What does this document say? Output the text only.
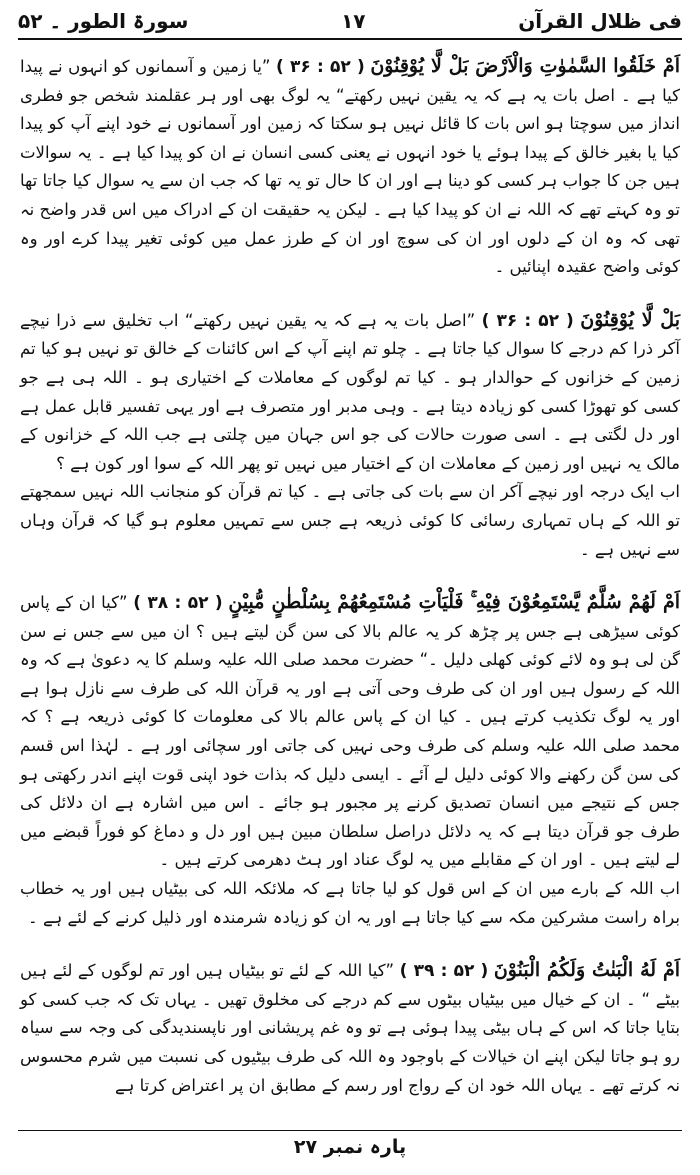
فی ظلال القرآن
۱۷
سورۃ الطور ۔ ۵۲

اَمْ خَلَقُوا السَّمٰوٰتِ وَالْاَرْضَ بَلْ لَّا یُوْقِنُوْنَ ( ۵۲ : ۳۶ ) ”یا زمین و آسمانوں کو انہوں نے پیدا کیا ہے ۔ اصل بات یہ ہے کہ یہ یقین نہیں رکھتے“ یہ لوگ بھی اور ہر عقلمند شخص جو فطری انداز میں سوچتا ہو اس بات کا قائل نہیں ہو سکتا کہ زمین اور آسمانوں نے خود اپنے آپ کو پیدا کیا یا بغیر خالق کے پیدا ہوئے یا خود انہوں نے یعنی کسی انسان نے ان کو پیدا کیا ہے ۔ یہ سوالات ہیں جن کا جواب ہر کسی کو دینا ہے اور ان کا حال تو یہ تھا کہ جب ان سے یہ سوال کیا جاتا تھا تو وہ کہتے تھے کہ اللہ نے ان کو پیدا کیا ہے ۔ لیکن یہ حقیقت ان کے ادراک میں اس قدر واضح نہ تھی کہ وہ ان کے دلوں اور ان کی سوچ اور ان کے طرز عمل میں کوئی تغیر پیدا کرے اور وہ کوئی واضح عقیدہ اپنائیں ۔

بَلْ لَّا یُوْقِنُوْنَ ( ۵۲ : ۳۶ ) ”اصل بات یہ ہے کہ یہ یقین نہیں رکھتے“ اب تخلیق سے ذرا نیچے آکر ذرا کم درجے کا سوال کیا جاتا ہے ۔ چلو تم اپنے آپ کے اس کائنات کے خالق تو نہیں ہو کیا تم زمین کے خزانوں کے حوالدار ہو ۔ کیا تم لوگوں کے معاملات کے اختیاری ہو ۔ اللہ ہی ہے جو کسی کو تھوڑا کسی کو زیادہ دیتا ہے ۔ وہی مدبر اور متصرف ہے اور یہی تفسیر قابل عمل ہے اور دل لگتی ہے ۔ اسی صورت حالات کی جو اس جہان میں چلتی ہے جب اللہ کے خزانوں کے مالک یہ نہیں اور زمین کے معاملات ان کے اختیار میں نہیں تو پھر اللہ کے سوا اور کون ہے ؟

اب ایک درجہ اور نیچے آکر ان سے بات کی جاتی ہے ۔ کیا تم قرآن کو منجانب اللہ نہیں سمجھتے تو اللہ کے ہاں تمہاری رسائی کا کوئی ذریعہ ہے جس سے تمہیں معلوم ہو گیا کہ قرآن وہاں سے نہیں ہے ۔

اَمْ لَهُمْ سُلَّمٌ یَّسْتَمِعُوْنَ فِیْهِ ۚ فَلْیَاْتِ مُسْتَمِعُهُمْ بِسُلْطٰنٍ مُّبِیْنٍ ( ۵۲ : ۳۸ ) ”کیا ان کے پاس کوئی سیڑھی ہے جس پر چڑھ کر یہ عالم بالا کی سن گن لیتے ہیں ؟ ان میں سے جس نے سن گن لی ہو وہ لائے کوئی کھلی دلیل ۔“ حضرت محمد صلی اللہ علیہ وسلم کا یہ دعویٰ ہے کہ وہ اللہ کے رسول ہیں اور ان کی طرف وحی آتی ہے اور یہ قرآن اللہ کی طرف سے نازل ہوا ہے اور یہ لوگ تکذیب کرتے ہیں ۔ کیا ان کے پاس عالم بالا کی معلومات کا کوئی ذریعہ ہے ؟ کہ محمد صلی اللہ علیہ وسلم کی طرف وحی نہیں کی جاتی اور سچائی اور ہے ۔ لہٰذا اس قسم کی سن گن رکھنے والا کوئی دلیل لے آئے ۔ ایسی دلیل کہ بذات خود اپنی قوت اپنے اندر رکھتی ہو جس کے نتیجے میں انسان تصدیق کرنے پر مجبور ہو جائے ۔ اس میں اشارہ ہے ان دلائل کی طرف جو قرآن دیتا ہے کہ یہ دلائل دراصل سلطان مبین ہیں اور دل و دماغ کو فوراً قبضے میں لے لیتے ہیں ۔ اور ان کے مقابلے میں یہ لوگ عناد اور ہٹ دھرمی کرتے ہیں ۔

اب اللہ کے بارے میں ان کے اس قول کو لیا جاتا ہے کہ ملائکہ اللہ کی بیٹیاں ہیں اور یہ خطاب براہ راست مشرکین مکہ سے کیا جاتا ہے اور یہ ان کو زیادہ شرمندہ اور ذلیل کرنے کے لئے ہے ۔

اَمْ لَهُ الْبَنٰتُ وَلَكُمُ الْبَنُوْنَ ( ۵۲ : ۳۹ ) ”کیا اللہ کے لئے تو بیٹیاں ہیں اور تم لوگوں کے لئے ہیں بیٹے “ ۔ ان کے خیال میں بیٹیاں بیٹوں سے کم درجے کی مخلوق تھیں ۔ یہاں تک کہ جب کسی کو بتایا جاتا کہ اس کے ہاں بیٹی پیدا ہوئی ہے تو وہ غم پریشانی اور ناپسندیدگی کی وجہ سے سیاہ رو ہو جاتا لیکن اپنے ان خیالات کے باوجود وہ اللہ کی طرف بیٹیوں کی نسبت میں شرم محسوس نہ کرتے تھے ۔ یہاں اللہ خود ان کے رواج اور رسم کے مطابق ان پر اعتراض کرتا ہے

پارہ نمبر ۲۷
